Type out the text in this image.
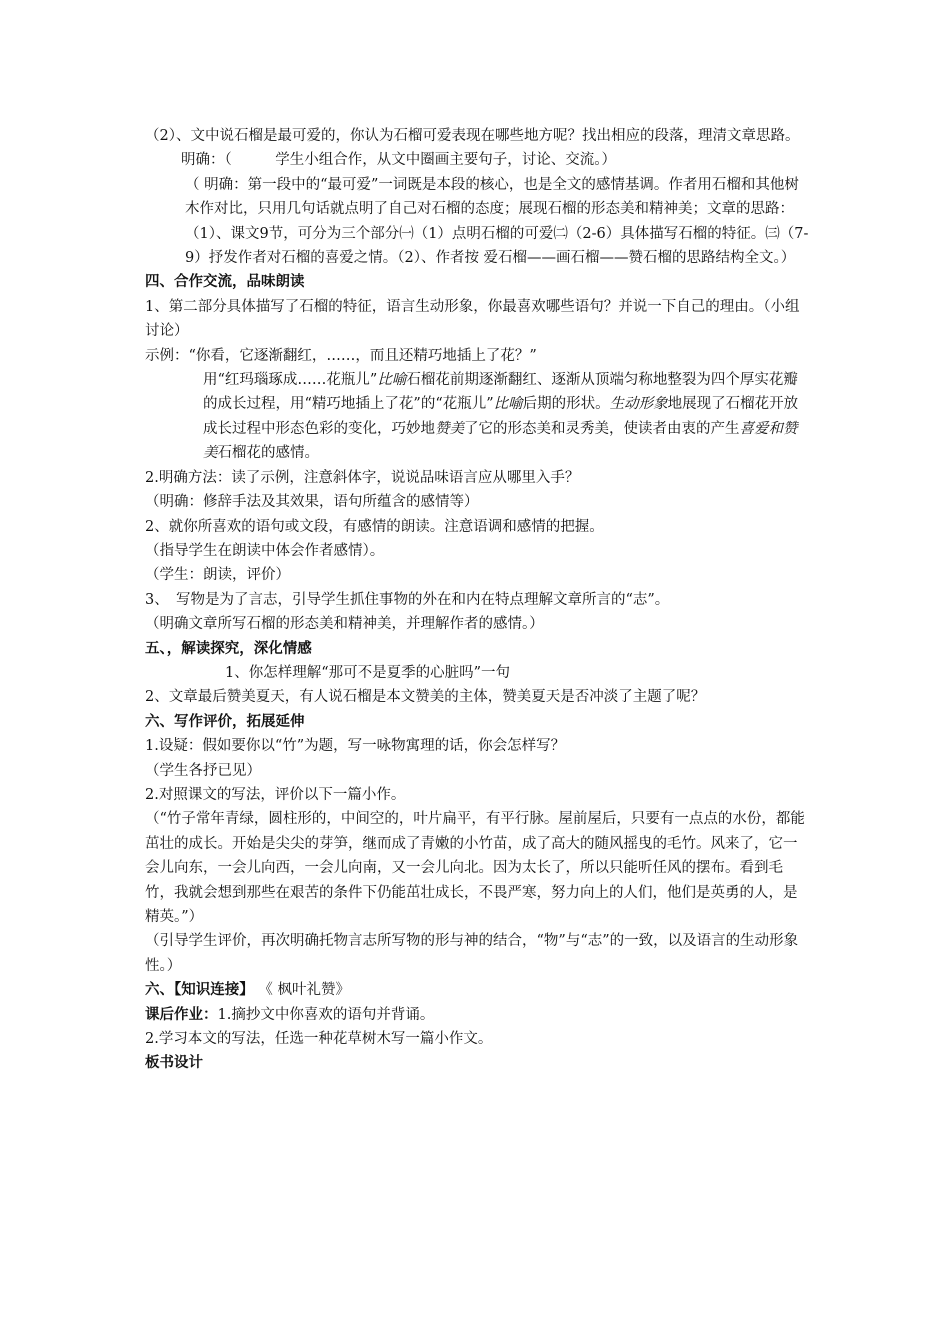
（2）、文中说石榴是最可爱的，你认为石榴可爱表现在哪些地方呢？找出相应的段落，理清文章思路。

明确：（　　　学生小组合作，从文中圈画主要句子，讨论、交流。）

（ 明确：第一段中的“最可爱”一词既是本段的核心，也是全文的感情基调。作者用石榴和其他树木作对比，只用几句话就点明了自己对石榴的态度；展现石榴的形态美和精神美；文章的思路：　（1）、课文9节，可分为三个部分㈠（1）点明石榴的可爱㈡（2-6）具体描写石榴的特征。㈢（7-9）抒发作者对石榴的喜爱之情。（2）、作者按 爱石榴——画石榴——赞石榴的思路结构全文。）

四、合作交流，品味朗读

1、第二部分具体描写了石榴的特征，语言生动形象，你最喜欢哪些语句？并说一下自己的理由。（小组讨论）

示例：“你看，它逐渐翻红，……，而且还精巧地插上了花？”

用“红玛瑙琢成……花瓶儿”比喻石榴花前期逐渐翻红、逐渐从顶端匀称地整裂为四个厚实花瓣的成长过程，用“精巧地插上了花”的“花瓶儿”比喻后期的形状。生动形象地展现了石榴花开放成长过程中形态色彩的变化，巧妙地赞美了它的形态美和灵秀美，使读者由衷的产生喜爱和赞美石榴花的感情。

2.明确方法：读了示例，注意斜体字，说说品味语言应从哪里入手？

（明确：修辞手法及其效果，语句所蕴含的感情等）

2、就你所喜欢的语句或文段，有感情的朗读。注意语调和感情的把握。

（指导学生在朗读中体会作者感情）。

（学生：朗读，评价）

3、　写物是为了言志，引导学生抓住事物的外在和内在特点理解文章所言的“志”。

（明确文章所写石榴的形态美和精神美，并理解作者的感情。）

五、，解读探究，深化情感

1、你怎样理解“那可不是夏季的心脏吗”一句

2、文章最后赞美夏天，有人说石榴是本文赞美的主体，赞美夏天是否冲淡了主题了呢？

六、写作评价，拓展延伸

1.设疑：假如要你以“竹”为题，写一咏物寓理的话，你会怎样写？

（学生各抒已见）

2.对照课文的写法，评价以下一篇小作。

（“竹子常年青绿，圆柱形的，中间空的，叶片扁平，有平行脉。屋前屋后，只要有一点点的水份，都能茁壮的成长。开始是尖尖的芽笋，继而成了青嫩的小竹苗，成了高大的随风摇曳的毛竹。风来了，它一会儿向东，一会儿向西，一会儿向南，又一会儿向北。因为太长了，所以只能听任风的摆布。看到毛竹，我就会想到那些在艰苦的条件下仍能茁壮成长，不畏严寒，努力向上的人们，他们是英勇的人，是精英。”）

（引导学生评价，再次明确托物言志所写物的形与神的结合，“物”与“志”的一致，以及语言的生动形象性。）

六、【知识连接】 《 枫叶礼赞》

课后作业：1.摘抄文中你喜欢的语句并背诵。

2.学习本文的写法，任选一种花草树木写一篇小作文。

板书设计
